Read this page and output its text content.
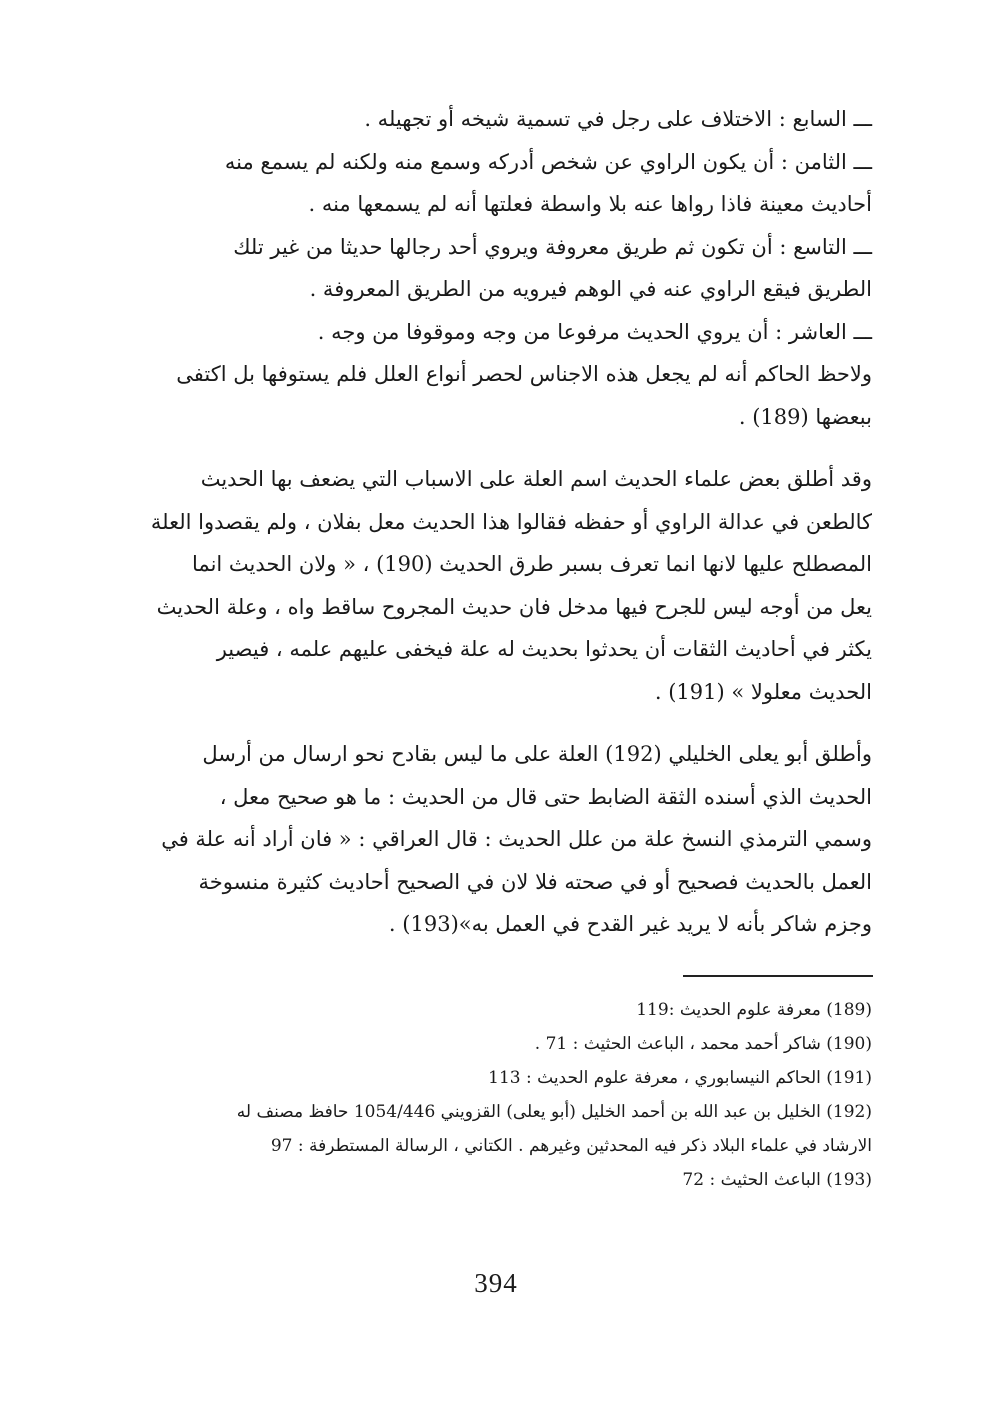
ـــ السابع : الاختلاف على رجل في تسمية شيخه أو تجهيله .

ـــ الثامن : أن يكون الراوي عن شخص أدركه وسمع منه ولكنه لم يسمع منه

أحاديث معينة فاذا رواها عنه بلا واسطة فعلتها أنه لم يسمعها منه .

ـــ التاسع : أن تكون ثم طريق معروفة ويروي أحد رجالها حديثا من غير تلك

الطريق فيقع الراوي عنه في الوهم فيرويه من الطريق المعروفة .

ـــ العاشر : أن يروي الحديث مرفوعا من وجه وموقوفا من وجه .

ولاحظ الحاكم أنه لم يجعل هذه الاجناس لحصر أنواع العلل فلم يستوفها بل اكتفى

ببعضها (189) .

وقد أطلق بعض علماء الحديث اسم العلة على الاسباب التي يضعف بها الحديث

كالطعن في عدالة الراوي أو حفظه فقالوا هذا الحديث معل بفلان ، ولم يقصدوا العلة

المصطلح عليها لانها انما تعرف بسبر طرق الحديث (190) ، « ولان الحديث انما

يعل من أوجه ليس للجرح فيها مدخل فان حديث المجروح ساقط واه ، وعلة الحديث

يكثر في أحاديث الثقات أن يحدثوا بحديث له علة فيخفى عليهم علمه ، فيصير

الحديث معلولا » (191) .

وأطلق أبو يعلى الخليلي (192) العلة على ما ليس بقادح نحو ارسال من أرسل

الحديث الذي أسنده الثقة الضابط حتى قال من الحديث : ما هو صحيح معل ،

وسمي الترمذي النسخ علة من علل الحديث : قال العراقي : « فان أراد أنه علة في

العمل بالحديث فصحيح أو في صحته فلا لان في الصحيح أحاديث كثيرة منسوخة

وجزم شاكر بأنه لا يريد غير القدح في العمل به»(193) .

(189) معرفة علوم الحديث :119

(190) شاكر أحمد محمد ، الباعث الحثيث : 71 .

(191) الحاكم النيسابوري ، معرفة علوم الحديث : 113

(192) الخليل بن عبد الله بن أحمد الخليل (أبو يعلى) القزويني 1054/446 حافظ مصنف له

الارشاد في علماء البلاد ذكر فيه المحدثين وغيرهم . الكتاني ، الرسالة المستطرفة : 97

(193) الباعث الحثيث : 72

394
